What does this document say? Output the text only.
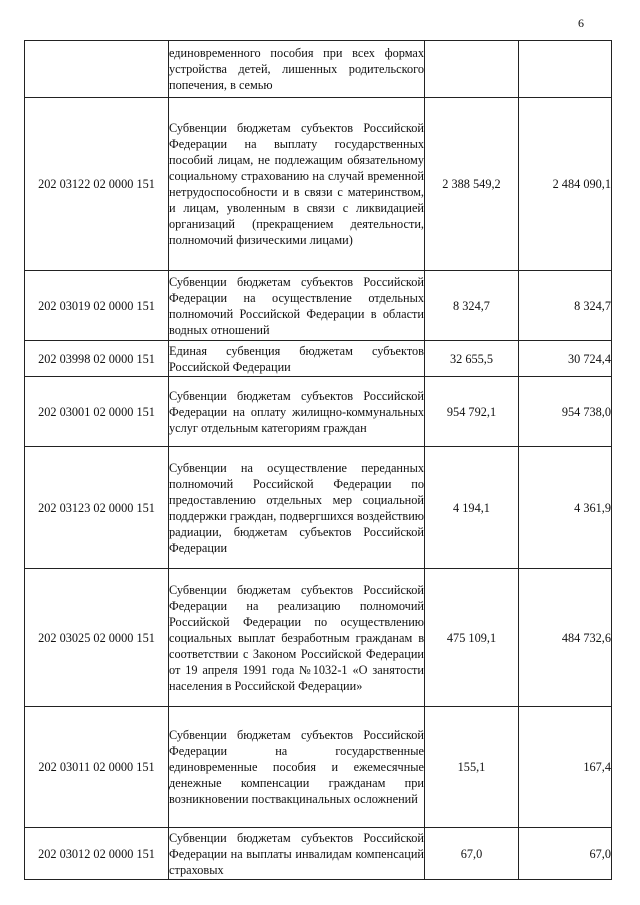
6
	единовременного пособия при всех формах устройства детей, лишенных родительского попечения, в семью		
202 03122 02 0000 151	Субвенции бюджетам субъектов Российской Федерации на выплату государственных пособий лицам, не подлежащим обязательному социальному страхованию на случай временной нетрудоспособности и в связи с материнством, и лицам, уволенным в связи с ликвидацией организаций (прекращением деятельности, полномочий физическими лицами)	2 388 549,2	2 484 090,1
202 03019 02 0000 151	Субвенции бюджетам субъектов Российской Федерации на осуществление отдельных полномочий Российской Федерации в области водных отношений	8 324,7	8 324,7
202 03998 02 0000 151	Единая субвенция бюджетам субъектов Российской Федерации	32 655,5	30 724,4
202 03001 02 0000 151	Субвенции бюджетам субъектов Российской Федерации на оплату жилищно-коммунальных услуг отдельным категориям граждан	954 792,1	954 738,0
202 03123 02 0000 151	Субвенции на осуществление переданных полномочий Российской Федерации по предоставлению отдельных мер социальной поддержки граждан, подвергшихся воздействию радиации, бюджетам субъектов Российской Федерации	4 194,1	4 361,9
202 03025 02 0000 151	Субвенции бюджетам субъектов Российской Федерации на реализацию полномочий Российской Федерации по осуществлению социальных выплат безработным гражданам в соответствии с Законом Российской Федерации от 19 апреля 1991 года №1032-1 «О занятости населения в Российской Федерации»	475 109,1	484 732,6
202 03011 02 0000 151	Субвенции бюджетам субъектов Российской Федерации на государственные единовременные пособия и ежемесячные денежные компенсации гражданам при возникновении поствакцинальных осложнений	155,1	167,4
202 03012 02 0000 151	Субвенции бюджетам субъектов Российской Федерации на выплаты инвалидам компенсаций страховых	67,0	67,0
